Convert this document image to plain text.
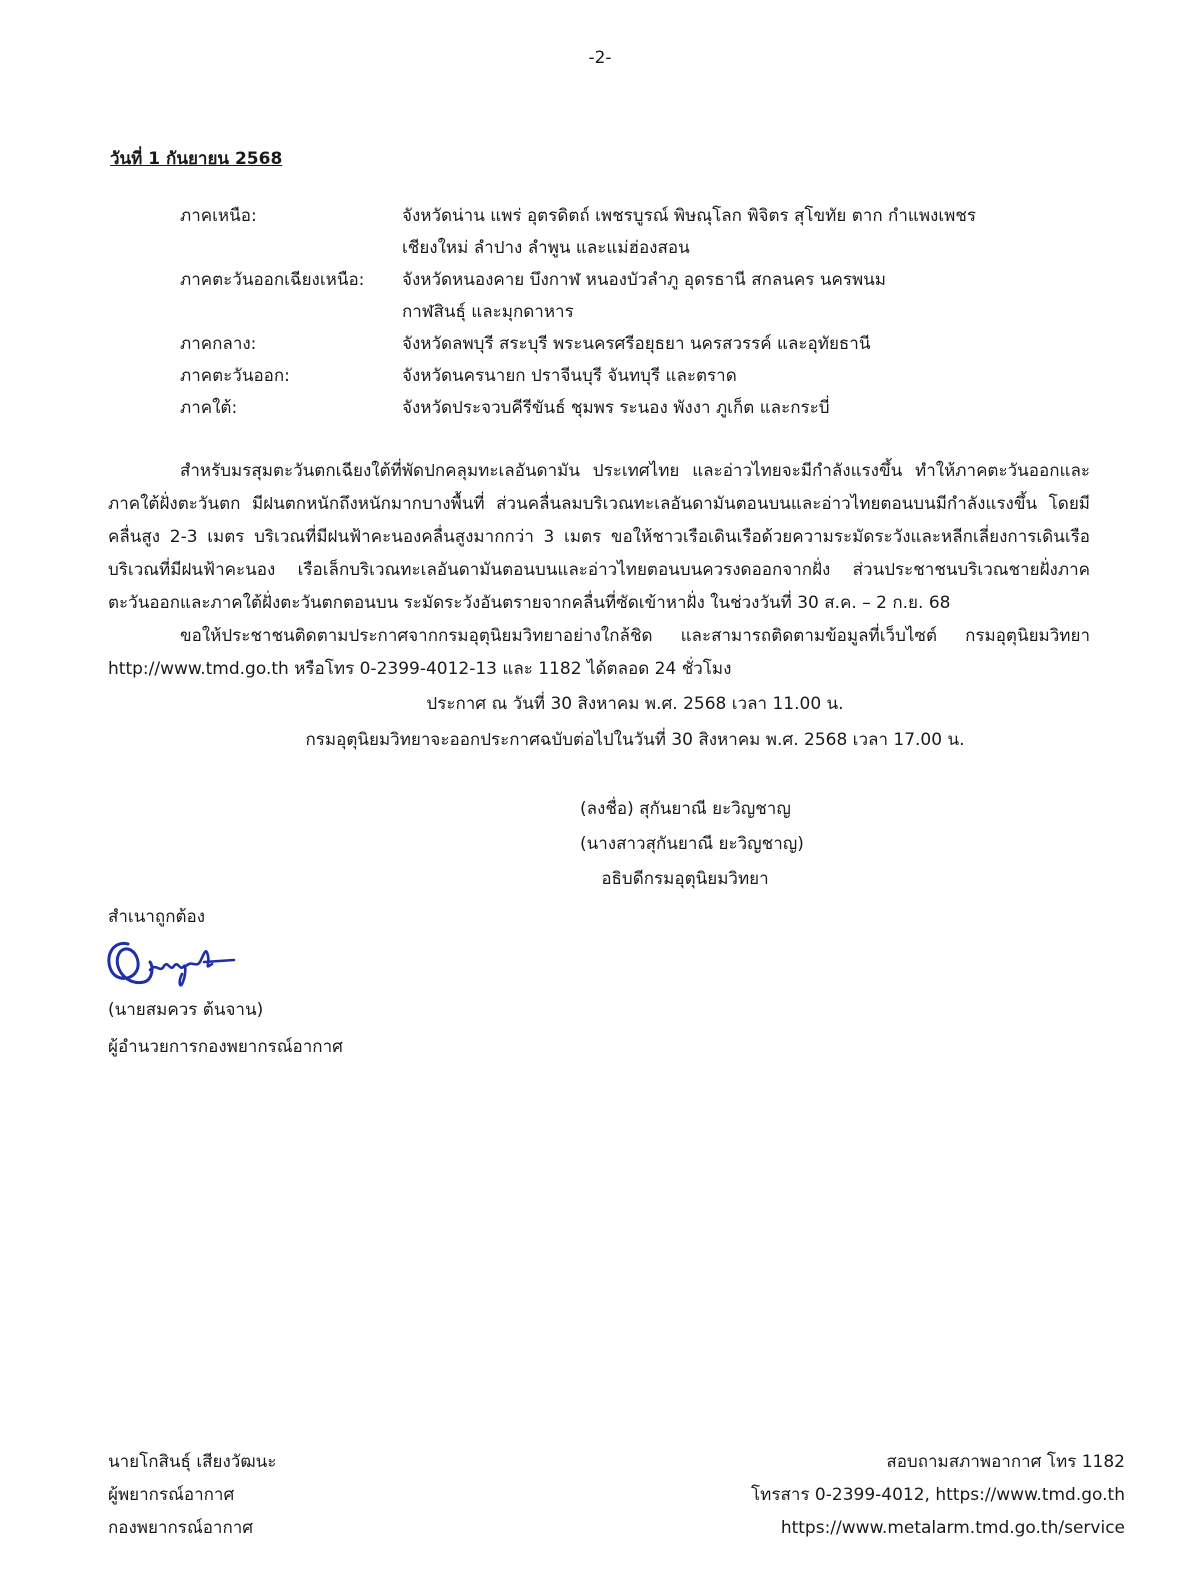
-2-
วันที่ 1 กันยายน 2568
ภาคเหนือ:	จังหวัดน่าน แพร่ อุตรดิตถ์ เพชรบูรณ์ พิษณุโลก พิจิตร สุโขทัย ตาก กำแพงเพชร
เชียงใหม่ ลำปาง ลำพูน และแม่ฮ่องสอน
ภาคตะวันออกเฉียงเหนือ:	จังหวัดหนองคาย บึงกาฬ หนองบัวลำภู อุดรธานี สกลนคร นครพนม
กาฬสินธุ์ และมุกดาหาร
ภาคกลาง:	จังหวัดลพบุรี สระบุรี พระนครศรีอยุธยา นครสวรรค์ และอุทัยธานี
ภาคตะวันออก:	จังหวัดนครนายก ปราจีนบุรี จันทบุรี และตราด
ภาคใต้:	จังหวัดประจวบคีรีขันธ์ ชุมพร ระนอง พังงา ภูเก็ต และกระบี่

สำหรับมรสุมตะวันตกเฉียงใต้ที่พัดปกคลุมทะเลอันดามัน ประเทศไทย และอ่าวไทยจะมีกำลังแรงขึ้น ทำให้ภาคตะวันออกและภาคใต้ฝั่งตะวันตก มีฝนตกหนักถึงหนักมากบางพื้นที่ ส่วนคลื่นลมบริเวณทะเลอันดามันตอนบนและอ่าวไทยตอนบนมีกำลังแรงขึ้น โดยมีคลื่นสูง 2-3 เมตร บริเวณที่มีฝนฟ้าคะนองคลื่นสูงมากกว่า 3 เมตร ขอให้ชาวเรือเดินเรือด้วยความระมัดระวังและหลีกเลี่ยงการเดินเรือบริเวณที่มีฝนฟ้าคะนอง เรือเล็กบริเวณทะเลอันดามันตอนบนและอ่าวไทยตอนบนควรงดออกจากฝั่ง ส่วนประชาชนบริเวณชายฝั่งภาคตะวันออกและภาคใต้ฝั่งตะวันตกตอนบน ระมัดระวังอันตรายจากคลื่นที่ซัดเข้าหาฝั่ง ในช่วงวันที่ 30 ส.ค. – 2 ก.ย. 68

ขอให้ประชาชนติดตามประกาศจากกรมอุตุนิยมวิทยาอย่างใกล้ชิด และสามารถติดตามข้อมูลที่เว็บไซต์ กรมอุตุนิยมวิทยา http://www.tmd.go.th หรือโทร 0-2399-4012-13 และ 1182 ได้ตลอด 24 ชั่วโมง

ประกาศ ณ วันที่ 30 สิงหาคม พ.ศ. 2568 เวลา 11.00 น.
กรมอุตุนิยมวิทยาจะออกประกาศฉบับต่อไปในวันที่ 30 สิงหาคม พ.ศ. 2568 เวลา 17.00 น.
(ลงชื่อ) สุกันยาณี ยะวิญชาญ
(นางสาวสุกันยาณี ยะวิญชาญ)
อธิบดีกรมอุตุนิยมวิทยา
สำเนาถูกต้อง
(นายสมควร ต้นจาน)
ผู้อำนวยการกองพยากรณ์อากาศ
นายโกสินธุ์ เสียงวัฒนะ
ผู้พยากรณ์อากาศ
กองพยากรณ์อากาศ
สอบถามสภาพอากาศ โทร 1182
โทรสาร 0-2399-4012, https://www.tmd.go.th
https://www.metalarm.tmd.go.th/service
